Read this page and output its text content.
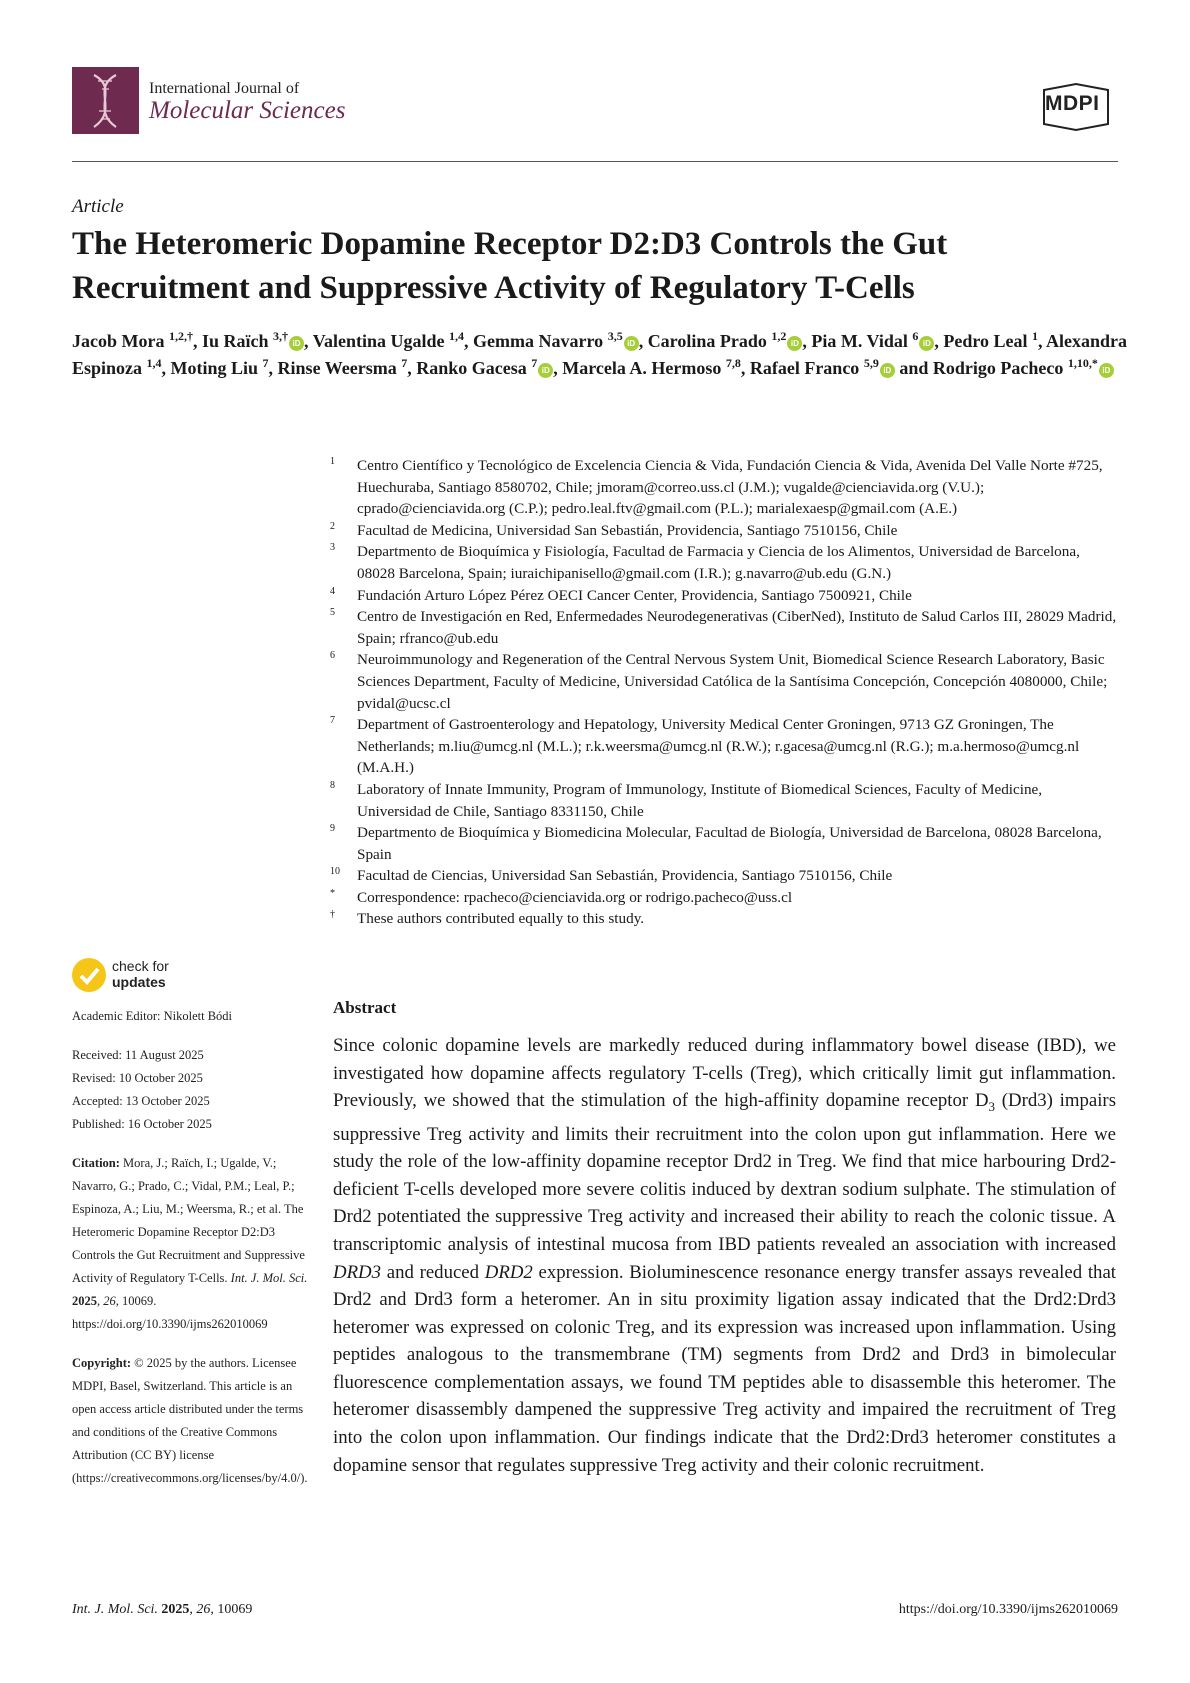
International Journal of
Molecular Sciences	MDPI
Article
The Heteromeric Dopamine Receptor D2:D3 Controls the Gut Recruitment and Suppressive Activity of Regulatory T-Cells
Jacob Mora $^{1,2,\dagger}$, Iu Raïch $^{3,\dagger}$iD , Valentina Ugalde $^{1,4}$, Gemma Navarro $^{3,5}$iD , Carolina Prado $^{1,2}$iD , Pia M. Vidal $^6$iD , Pedro Leal $^1$, Alexandra Espinoza $^{1,4}$, Moting Liu $^7$, Rinse Weersma $^7$, Ranko Gacesa $^7$iD , Marcela A. Hermoso $^{7,8}$, Rafael Franco $^{5,9}$iD and Rodrigo Pacheco $^{1,10,*}$iD
1 Centro Científico y Tecnológico de Excelencia Ciencia & Vida, Fundación Ciencia & Vida, Avenida Del Valle Norte #725, Huechuraba, Santiago 8580702, Chile; jmoram@correo.uss.cl (J.M.); vugalde@cienciavida.org (V.U.); cprado@cienciavida.org (C.P.); pedro.leal.ftv@gmail.com (P.L.); marialexaesp@gmail.com (A.E.)
2 Facultad de Medicina, Universidad San Sebastián, Providencia, Santiago 7510156, Chile
3 Departmento de Bioquímica y Fisiología, Facultad de Farmacia y Ciencia de los Alimentos, Universidad de Barcelona, 08028 Barcelona, Spain; iuraichipanisello@gmail.com (I.R.); g.navarro@ub.edu (G.N.)
4 Fundación Arturo López Pérez OECI Cancer Center, Providencia, Santiago 7500921, Chile
5 Centro de Investigación en Red, Enfermedades Neurodegenerativas (CiberNed), Instituto de Salud Carlos III, 28029 Madrid, Spain; rfranco@ub.edu
6 Neuroimmunology and Regeneration of the Central Nervous System Unit, Biomedical Science Research Laboratory, Basic Sciences Department, Faculty of Medicine, Universidad Católica de la Santísima Concepción, Concepción 4080000, Chile; pvidal@ucsc.cl
7 Department of Gastroenterology and Hepatology, University Medical Center Groningen, 9713 GZ Groningen, The Netherlands; m.liu@umcg.nl (M.L.); r.k.weersma@umcg.nl (R.W.); r.gacesa@umcg.nl (R.G.); m.a.hermoso@umcg.nl (M.A.H.)
8 Laboratory of Innate Immunity, Program of Immunology, Institute of Biomedical Sciences, Faculty of Medicine, Universidad de Chile, Santiago 8331150, Chile
9 Departmento de Bioquímica y Biomedicina Molecular, Facultad de Biología, Universidad de Barcelona, 08028 Barcelona, Spain
10 Facultad de Ciencias, Universidad San Sebastián, Providencia, Santiago 7510156, Chile
* Correspondence: rpacheco@cienciavida.org or rodrigo.pacheco@uss.cl
† These authors contributed equally to this study.
check for
updates
Academic Editor: Nikolett Bódi
Received: 11 August 2025
Revised: 10 October 2025
Accepted: 13 October 2025
Published: 16 October 2025
Citation: Mora, J.; Raïch, I.; Ugalde, V.; Navarro, G.; Prado, C.; Vidal, P.M.; Leal, P.; Espinoza, A.; Liu, M.; Weersma, R.; et al. The Heteromeric Dopamine Receptor D2:D3 Controls the Gut Recruitment and Suppressive Activity of Regulatory T-Cells. Int. J. Mol. Sci. 2025, 26, 10069. https://doi.org/10.3390/ijms262010069
Copyright: © 2025 by the authors. Licensee MDPI, Basel, Switzerland. This article is an open access article distributed under the terms and conditions of the Creative Commons Attribution (CC BY) license (https://creativecommons.org/licenses/by/4.0/).
Abstract
Since colonic dopamine levels are markedly reduced during inflammatory bowel disease (IBD), we investigated how dopamine affects regulatory T-cells (Treg), which critically limit gut inflammation. Previously, we showed that the stimulation of the high-affinity dopamine receptor $D_3$ (Drd3) impairs suppressive Treg activity and limits their recruitment into the colon upon gut inflammation. Here we study the role of the low-affinity dopamine receptor Drd2 in Treg. We find that mice harbouring Drd2-deficient T-cells developed more severe colitis induced by dextran sodium sulphate. The stimulation of Drd2 potentiated the suppressive Treg activity and increased their ability to reach the colonic tissue. A transcriptomic analysis of intestinal mucosa from IBD patients revealed an association with increased DRD3 and reduced DRD2 expression. Bioluminescence resonance energy transfer assays revealed that Drd2 and Drd3 form a heteromer. An in situ proximity ligation assay indicated that the Drd2:Drd3 heteromer was expressed on colonic Treg, and its expression was increased upon inflammation. Using peptides analogous to the transmembrane (TM) segments from Drd2 and Drd3 in bimolecular fluorescence complementation assays, we found TM peptides able to disassemble this heteromer. The heteromer disassembly dampened the suppressive Treg activity and impaired the recruitment of Treg into the colon upon inflammation. Our findings indicate that the Drd2:Drd3 heteromer constitutes a dopamine sensor that regulates suppressive Treg activity and their colonic recruitment.
Int. J. Mol. Sci. 2025, 26, 10069	https://doi.org/10.3390/ijms262010069
